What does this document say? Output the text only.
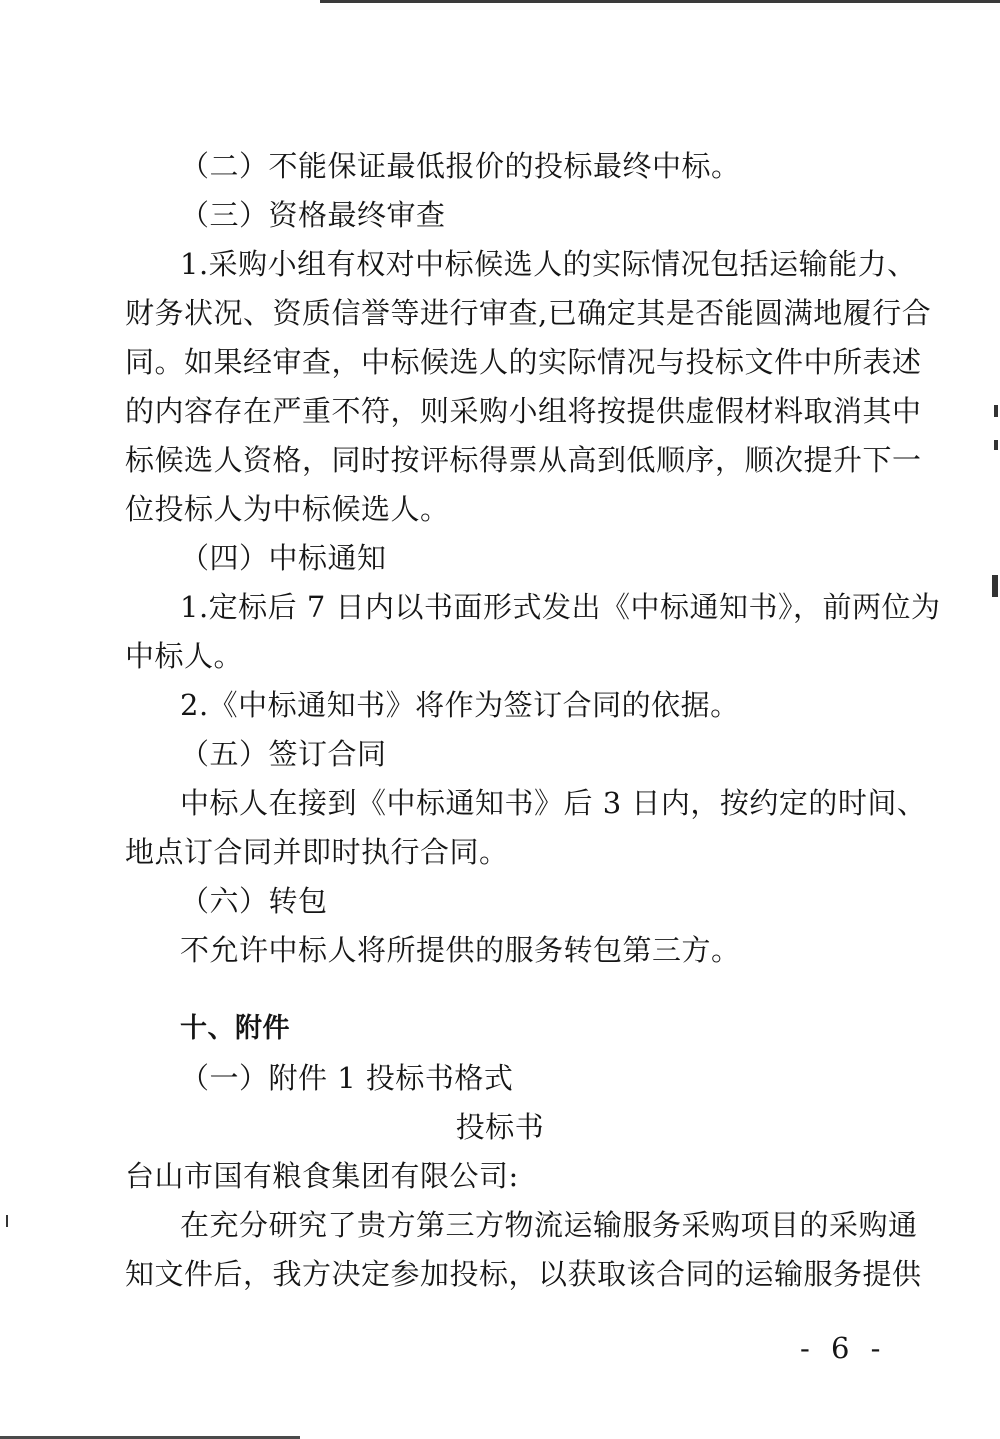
（二）不能保证最低报价的投标最终中标。
（三）资格最终审查
1.采购小组有权对中标候选人的实际情况包括运输能力、
财务状况、资质信誉等进行审查,已确定其是否能圆满地履行合
同。如果经审查，中标候选人的实际情况与投标文件中所表述
的内容存在严重不符，则采购小组将按提供虚假材料取消其中
标候选人资格，同时按评标得票从高到低顺序，顺次提升下一
位投标人为中标候选人。
（四）中标通知
1.定标后 7 日内以书面形式发出《中标通知书》，前两位为
中标人。
2.《中标通知书》将作为签订合同的依据。
（五）签订合同
中标人在接到《中标通知书》后 3 日内，按约定的时间、
地点订合同并即时执行合同。
（六）转包
不允许中标人将所提供的服务转包第三方。
十、附件
（一）附件 1 投标书格式
投标书
台山市国有粮食集团有限公司:
在充分研究了贵方第三方物流运输服务采购项目的采购通
知文件后，我方决定参加投标，以获取该合同的运输服务提供
- 6 -
